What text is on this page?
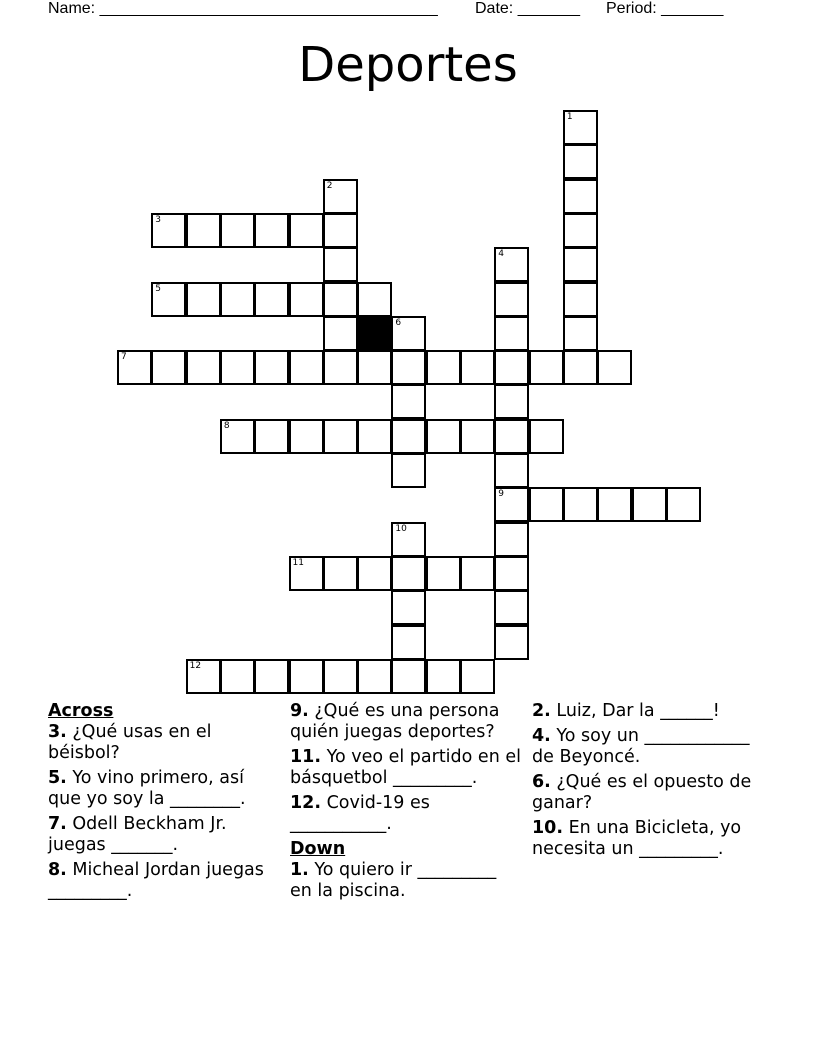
Name: ______________________________________ Date: _______ Period: _______
Deportes
3
5
7
8
9
11
12
1
2
4
6
10
Across
3. ¿Qué usas en el béisbol?
5. Yo vino primero, así que yo soy la ________.
7. Odell Beckham Jr. juegas _______.
8. Micheal Jordan juegas _________.
9. ¿Qué es una persona quién juegas deportes?
11. Yo veo el partido en el básquetbol _________.
12. Covid-19 es ___________.
Down
1. Yo quiero ir _________ en la piscina.
2. Luiz, Dar la ______!
4. Yo soy un ____________ de Beyoncé.
6. ¿Qué es el opuesto de ganar?
10. En una Bicicleta, yo necesita un _________.
